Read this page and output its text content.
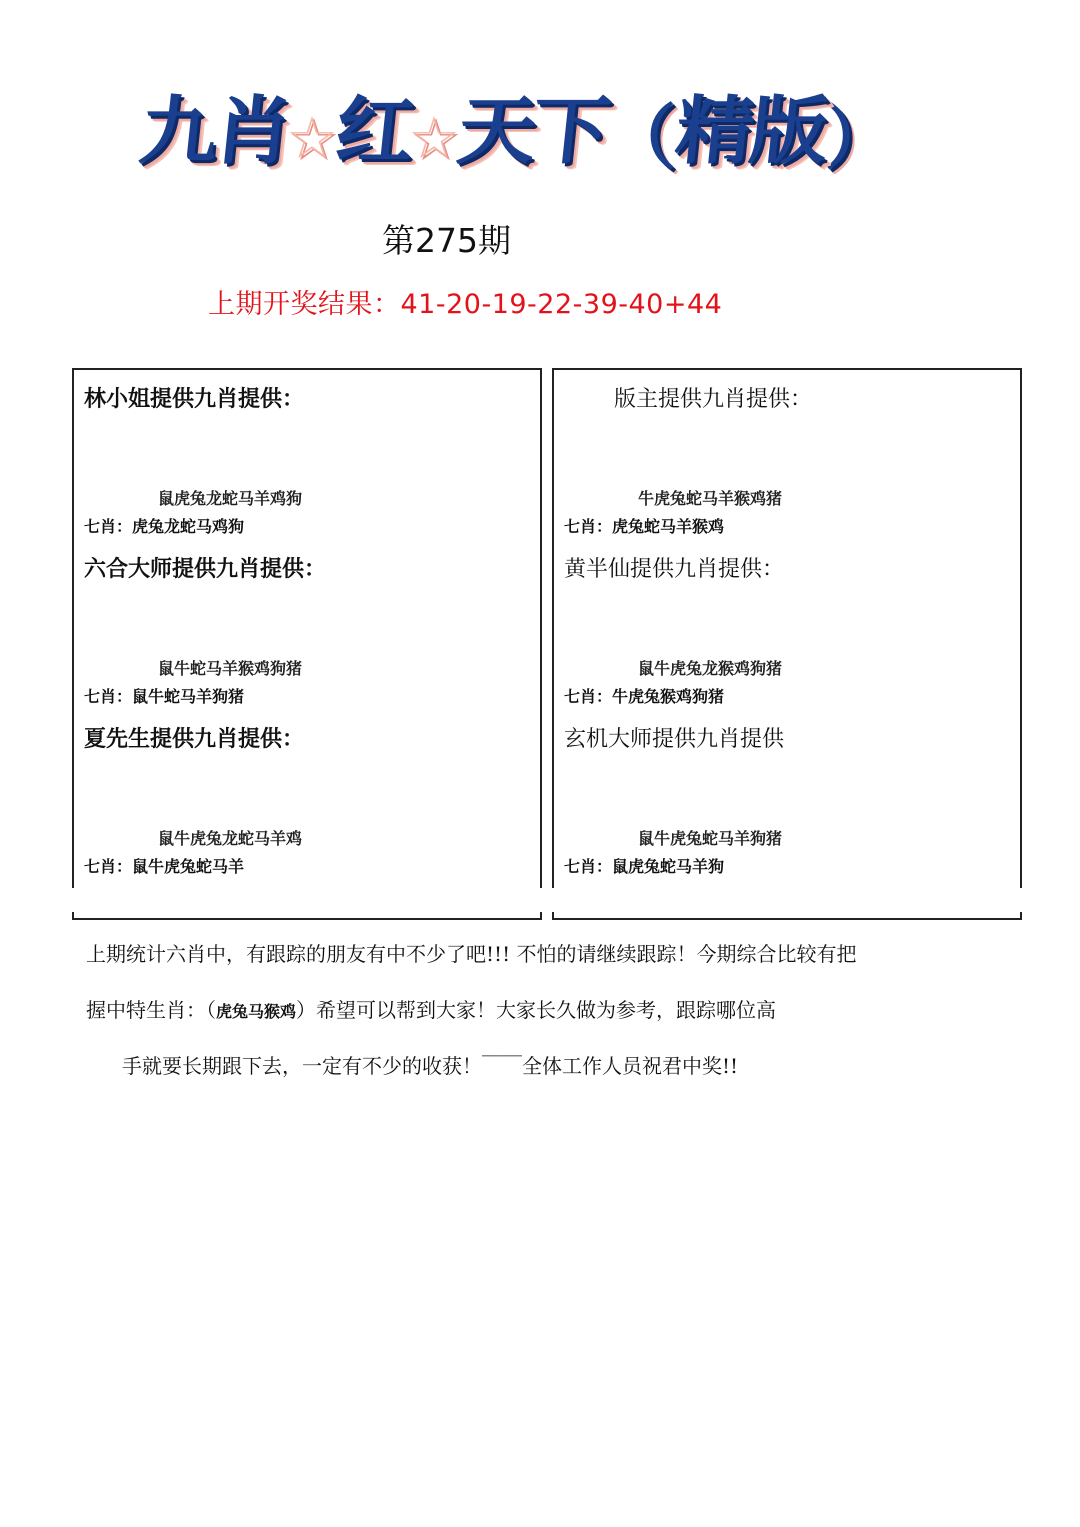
九
肖
☆
红
☆
天
下
（
精
版
）
第275期
上期开奖结果：41-20-19-22-39-40+44
林小姐提供九肖提供：
鼠虎兔龙蛇马羊鸡狗
七肖：虎兔龙蛇马鸡狗
六合大师提供九肖提供：
鼠牛蛇马羊猴鸡狗猪
七肖：鼠牛蛇马羊狗猪
夏先生提供九肖提供：
鼠牛虎兔龙蛇马羊鸡
七肖：鼠牛虎兔蛇马羊
版主提供九肖提供：
牛虎兔蛇马羊猴鸡猪
七肖：虎兔蛇马羊猴鸡
黄半仙提供九肖提供：
鼠牛虎兔龙猴鸡狗猪
七肖：牛虎兔猴鸡狗猪
玄机大师提供九肖提供
鼠牛虎兔蛇马羊狗猪
七肖：鼠虎兔蛇马羊狗
上期统计六肖中，有跟踪的朋友有中不少了吧!!! 不怕的请继续跟踪！今期综合比较有把
握中特生肖：（虎兔马猴鸡）希望可以帮到大家！大家长久做为参考，跟踪哪位高
手就要长期跟下去，一定有不少的收获！￣￣全体工作人员祝君中奖!!
